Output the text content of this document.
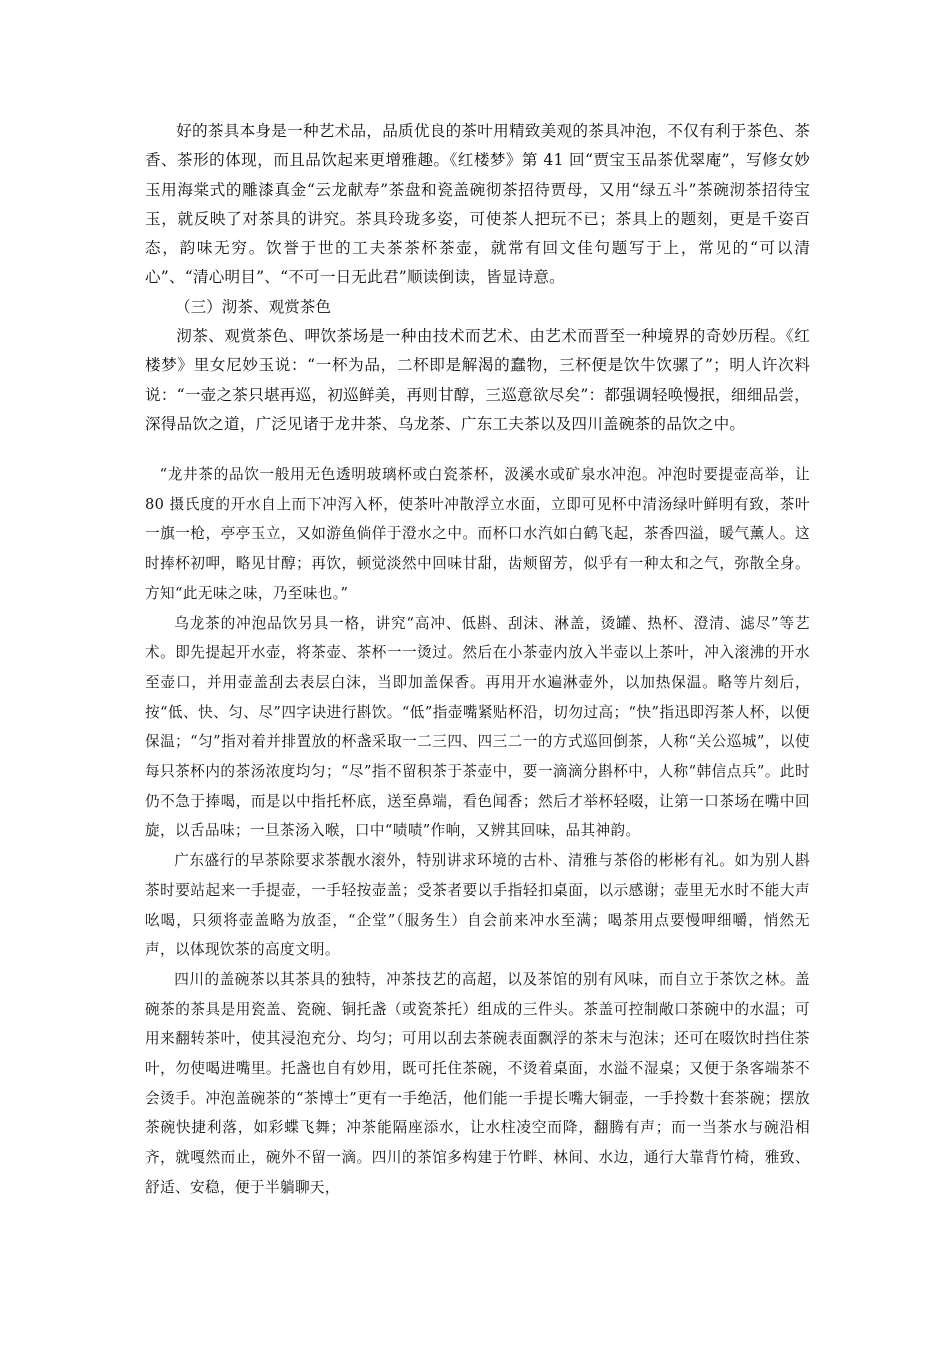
好的茶具本身是一种艺术品，品质优良的茶叶用精致美观的茶具冲泡，不仅有利于茶色、茶香、茶形的体现，而且品饮起来更增雅趣。《红楼梦》第 41 回“贾宝玉品茶优翠庵”，写修女妙玉用海棠式的雕漆真金“云龙献寿”茶盘和瓷盖碗彻茶招待贾母，又用“绿五斗”茶碗沏茶招待宝玉，就反映了对茶具的讲究。茶具玲珑多姿，可使茶人把玩不已；茶具上的题刻，更是千姿百态，韵味无穷。饮誉于世的工夫茶茶杯茶壶，就常有回文佳句题写于上，常见的“可以清心”、“清心明目”、“不可一日无此君”顺读倒读，皆显诗意。

（三）沏茶、观赏茶色

沏茶、观赏茶色、呷饮茶场是一种由技术而艺术、由艺术而晋至一种境界的奇妙历程。《红楼梦》里女尼妙玉说：“一杯为品，二杯即是解渴的蠢物，三杯便是饮牛饮骡了”；明人许次料说：“一壶之茶只堪再巡，初巡鲜美，再则甘醇，三巡意欲尽矣”：都强调轻唤慢抿，细细品尝，深得品饮之道，广泛见诸于龙井茶、乌龙茶、广东工夫茶以及四川盖碗茶的品饮之中。

“龙井茶的品饮一般用无色透明玻璃杯或白瓷茶杯，汲溪水或矿泉水冲泡。冲泡时要提壶高举，让 80 摄氏度的开水自上而下冲泻入杯，使茶叶冲散浮立水面，立即可见杯中清汤绿叶鲜明有致，茶叶一旗一枪，亭亭玉立，又如游鱼倘佯于澄水之中。而杯口水汽如白鹤飞起，茶香四溢，暖气薰人。这时捧杯初呷，略见甘醇；再饮，顿觉淡然中回味甘甜，齿颊留芳，似乎有一种太和之气，弥散全身。方知“此无味之味，乃至味也。”

乌龙茶的冲泡品饮另具一格，讲究“高冲、低斟、刮沫、淋盖，烫罐、热杯、澄清、滤尽”等艺术。即先提起开水壶，将茶壶、茶杯一一烫过。然后在小茶壶内放入半壶以上茶叶，冲入滚沸的开水至壶口，并用壶盖刮去表层白沫，当即加盖保香。再用开水遍淋壶外，以加热保温。略等片刻后，按“低、快、匀、尽”四字诀进行斟饮。“低”指壶嘴紧贴杯沿，切勿过高；“快”指迅即泻茶人杯，以便保温；“匀”指对着并排置放的杯盏采取一二三四、四三二一的方式巡回倒茶，人称“关公巡城”，以使每只茶杯内的茶汤浓度均匀；“尽”指不留积茶于茶壶中，要一滴滴分斟杯中，人称“韩信点兵”。此时仍不急于捧喝，而是以中指托杯底，送至鼻端，看色闻香；然后才举杯轻啜，让第一口茶场在嘴中回旋，以舌品味；一旦茶汤入喉，口中“啧啧”作响，又辨其回味，品其神韵。

广东盛行的早茶除要求茶靓水滚外，特别讲求环境的古朴、清雅与茶俗的彬彬有礼。如为别人斟茶时要站起来一手提壶，一手轻按壶盖；受茶者要以手指轻扣桌面，以示感谢；壶里无水时不能大声吆喝，只须将壶盖略为放歪，“企堂”（服务生）自会前来冲水至满；喝茶用点要慢呷细嚼，悄然无声，以体现饮茶的高度文明。

四川的盖碗茶以其茶具的独特，冲茶技艺的高超，以及茶馆的别有风味，而自立于茶饮之林。盖碗茶的茶具是用瓷盖、瓷碗、铜托盏（或瓷茶托）组成的三件头。茶盖可控制敞口茶碗中的水温；可用来翻转茶叶，使其浸泡充分、均匀；可用以刮去茶碗表面飘浮的茶末与泡沫；还可在啜饮时挡住茶叶，勿使喝进嘴里。托盏也自有妙用，既可托住茶碗，不烫着桌面，水溢不湿桌；又便于条客端茶不会烫手。冲泡盖碗茶的“茶博士”更有一手绝活，他们能一手提长嘴大铜壶，一手拎数十套茶碗；摆放茶碗快捷利落，如彩蝶飞舞；冲茶能隔座添水，让水柱凌空而降，翻腾有声；而一当茶水与碗沿相齐，就嘎然而止，碗外不留一滴。四川的茶馆多构建于竹畔、林间、水边，通行大靠背竹椅，雅致、舒适、安稳，便于半躺聊天，
